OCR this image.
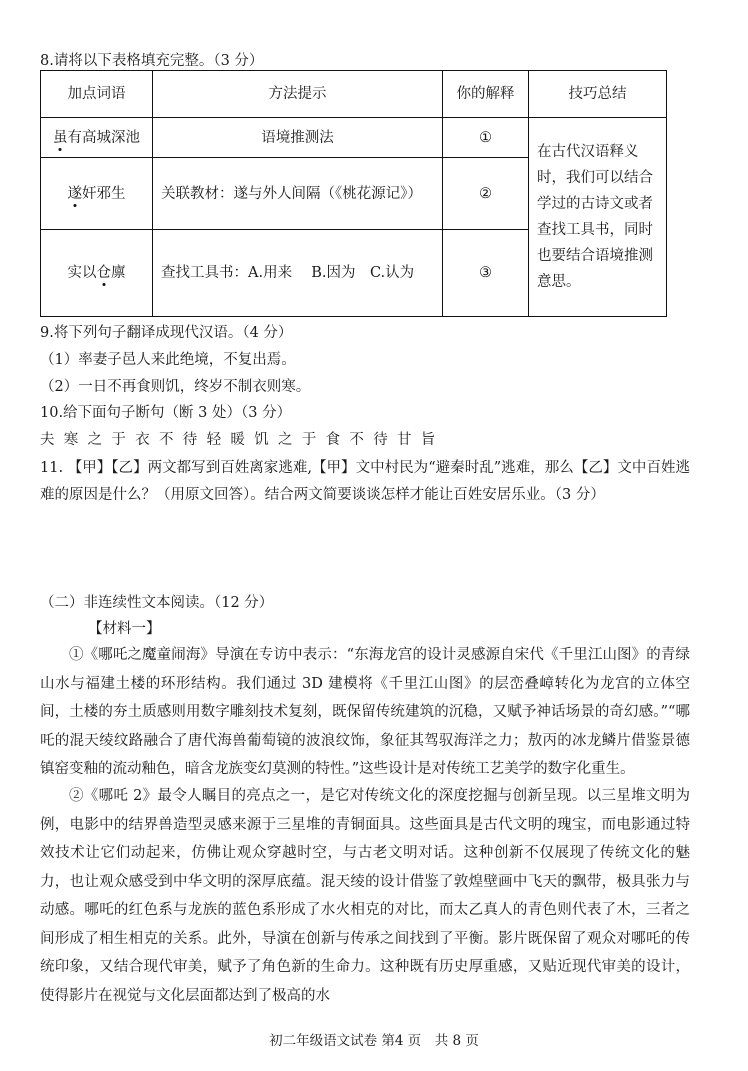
8.请将以下表格填充完整。（3 分）
加点词语	方法提示	你的解释	技巧总结
虽有高城深池	语境推测法	①	在古代汉语释义时，我们可以结合学过的古诗文或者查找工具书，同时也要结合语境推测意思。
遂奸邪生	关联教材：遂与外人间隔（《桃花源记》）	②	
实以仓廪	查找工具书：A.用来　 B.因为　C.认为	③	
9.将下列句子翻译成现代汉语。（4 分）
（1）率妻子邑人来此绝境，不复出焉。
（2）一日不再食则饥，终岁不制衣则寒。
10.给下面句子断句（断 3 处）（3 分）
夫寒之于衣不待轻暖饥之于食不待甘旨
11. 【甲】【乙】两文都写到百姓离家逃难,【甲】文中村民为“避秦时乱”逃难，那么【乙】文中百姓逃难的原因是什么？（用原文回答）。结合两文简要谈谈怎样才能让百姓安居乐业。（3 分）
（二）非连续性文本阅读。（12 分）
【材料一】
①《哪吒之魔童闹海》导演在专访中表示：“东海龙宫的设计灵感源自宋代《千里江山图》的青绿山水与福建土楼的环形结构。我们通过 3D 建模将《千里江山图》的层峦叠嶂转化为龙宫的立体空间，土楼的夯土质感则用数字雕刻技术复刻，既保留传统建筑的沉稳，又赋予神话场景的奇幻感。”“哪吒的混天绫纹路融合了唐代海兽葡萄镜的波浪纹饰，象征其驾驭海洋之力；敖丙的冰龙鳞片借鉴景德镇窑变釉的流动釉色，暗含龙族变幻莫测的特性。”这些设计是对传统工艺美学的数字化重生。
②《哪吒 2》最令人瞩目的亮点之一，是它对传统文化的深度挖掘与创新呈现。以三星堆文明为例，电影中的结界兽造型灵感来源于三星堆的青铜面具。这些面具是古代文明的瑰宝，而电影通过特效技术让它们动起来，仿佛让观众穿越时空，与古老文明对话。这种创新不仅展现了传统文化的魅力，也让观众感受到中华文明的深厚底蕴。混天绫的设计借鉴了敦煌壁画中飞天的飘带，极具张力与动感。哪吒的红色系与龙族的蓝色系形成了水火相克的对比，而太乙真人的青色则代表了木，三者之间形成了相生相克的关系。此外，导演在创新与传承之间找到了平衡。影片既保留了观众对哪吒的传统印象，又结合现代审美，赋予了角色新的生命力。这种既有历史厚重感，又贴近现代审美的设计，使得影片在视觉与文化层面都达到了极高的水
初二年级语文试卷 第4 页　共 8 页
